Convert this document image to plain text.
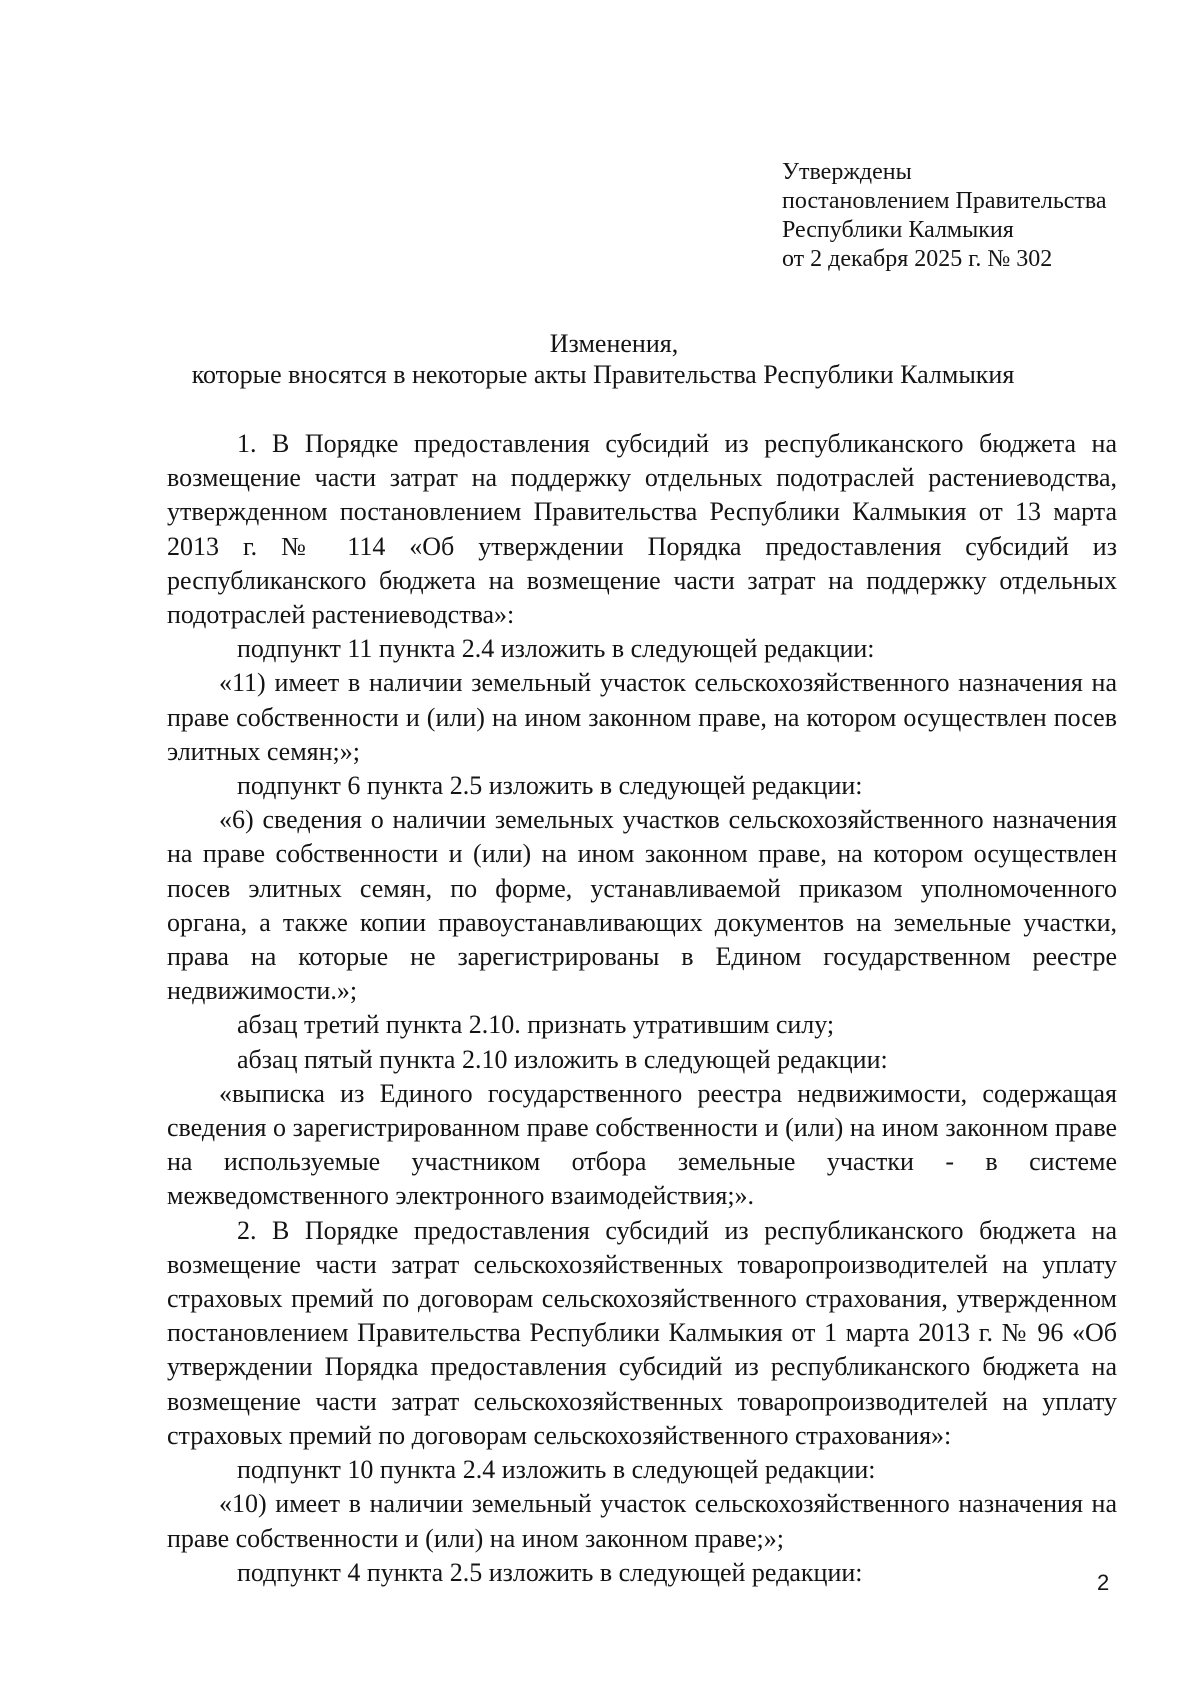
Утверждены
постановлением Правительства
Республики Калмыкия
от 2 декабря 2025 г. № 302
Изменения,
которые вносятся в некоторые акты Правительства Республики Калмыкия

1. В Порядке предоставления субсидий из республиканского бюджета на возмещение части затрат на поддержку отдельных подотраслей растениеводства, утвержденном постановлением Правительства Республики Калмыкия от 13 марта 2013 г. № 114 «Об утверждении Порядка предоставления субсидий из республиканского бюджета на возмещение части затрат на поддержку отдельных подотраслей растениеводства»:

подпункт 11 пункта 2.4 изложить в следующей редакции:

«11) имеет в наличии земельный участок сельскохозяйственного назначения на праве собственности и (или) на ином законном праве, на котором осуществлен посев элитных семян;»;

подпункт 6 пункта 2.5 изложить в следующей редакции:

«6) сведения о наличии земельных участков сельскохозяйственного назначения на праве собственности и (или) на ином законном праве, на котором осуществлен посев элитных семян, по форме, устанавливаемой приказом уполномоченного органа, а также копии правоустанавливающих документов на земельные участки, права на которые не зарегистрированы в Едином государственном реестре недвижимости.»;

абзац третий пункта 2.10. признать утратившим силу;

абзац пятый пункта 2.10 изложить в следующей редакции:

«выписка из Единого государственного реестра недвижимости, содержащая сведения о зарегистрированном праве собственности и (или) на ином законном праве на используемые участником отбора земельные участки - в системе межведомственного электронного взаимодействия;».

2. В Порядке предоставления субсидий из республиканского бюджета на возмещение части затрат сельскохозяйственных товаропроизводителей на уплату страховых премий по договорам сельскохозяйственного страхования, утвержденном постановлением Правительства Республики Калмыкия от 1 марта 2013 г. № 96 «Об утверждении Порядка предоставления субсидий из республиканского бюджета на возмещение части затрат сельскохозяйственных товаропроизводителей на уплату страховых премий по договорам сельскохозяйственного страхования»:

подпункт 10 пункта 2.4 изложить в следующей редакции:

«10) имеет в наличии земельный участок сельскохозяйственного назначения на праве собственности и (или) на ином законном праве;»;

подпункт 4 пункта 2.5 изложить в следующей редакции:	2
